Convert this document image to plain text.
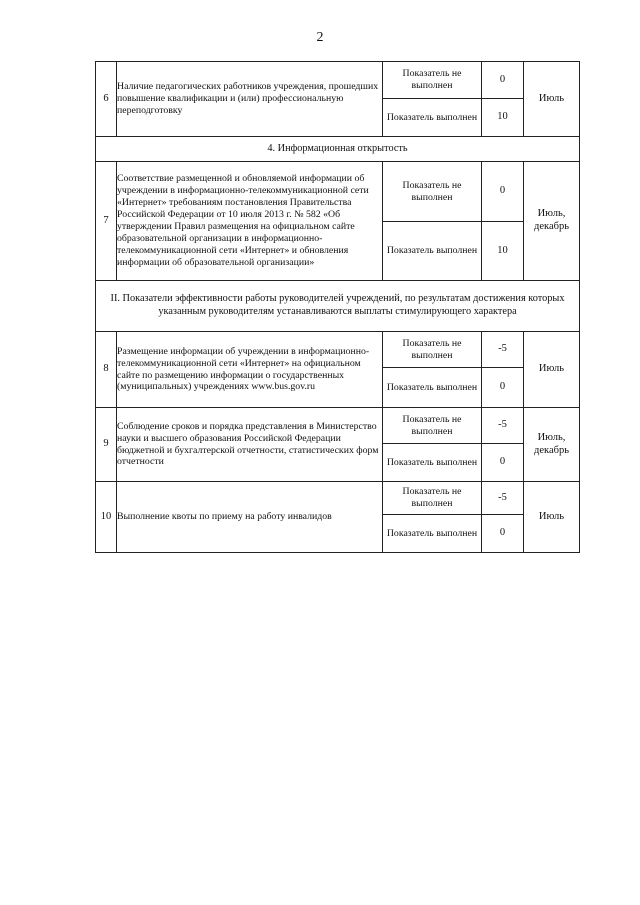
2
6	Наличие педагогических работников учреждения, прошедших повышение квалификации и (или) профессиональную переподготовку	Показатель не выполнен	0	Июль
		Показатель выполнен	10	
4. Информационная открытость				
7	Соответствие размещенной и обновляемой информации об учреждении в информационно-телекоммуникационной сети «Интернет» требованиям постановления Правительства Российской Федерации от 10 июля 2013 г. № 582 «Об утверждении Правил размещения на официальном сайте образовательной организации в информационно-телекоммуникационной сети «Интернет» и обновления информации об образовательной организации»	Показатель не выполнен	0	Июль, декабрь
		Показатель выполнен	10	
II. Показатели эффективности работы руководителей учреждений, по результатам достижения которых указанным руководителям устанавливаются выплаты стимулирующего характера				
8	Размещение информации об учреждении в информационно-телекоммуникационной сети «Интернет» на официальном сайте по размещению информации о государственных (муниципальных) учреждениях www.bus.gov.ru	Показатель не выполнен	-5	Июль
		Показатель выполнен	0	
9	Соблюдение сроков и порядка представления в Министерство науки и высшего образования Российской Федерации бюджетной и бухгалтерской отчетности, статистических форм отчетности	Показатель не выполнен	-5	Июль, декабрь
		Показатель выполнен	0	
10	Выполнение квоты по приему на работу инвалидов	Показатель не выполнен	-5	Июль
		Показатель выполнен	0	
